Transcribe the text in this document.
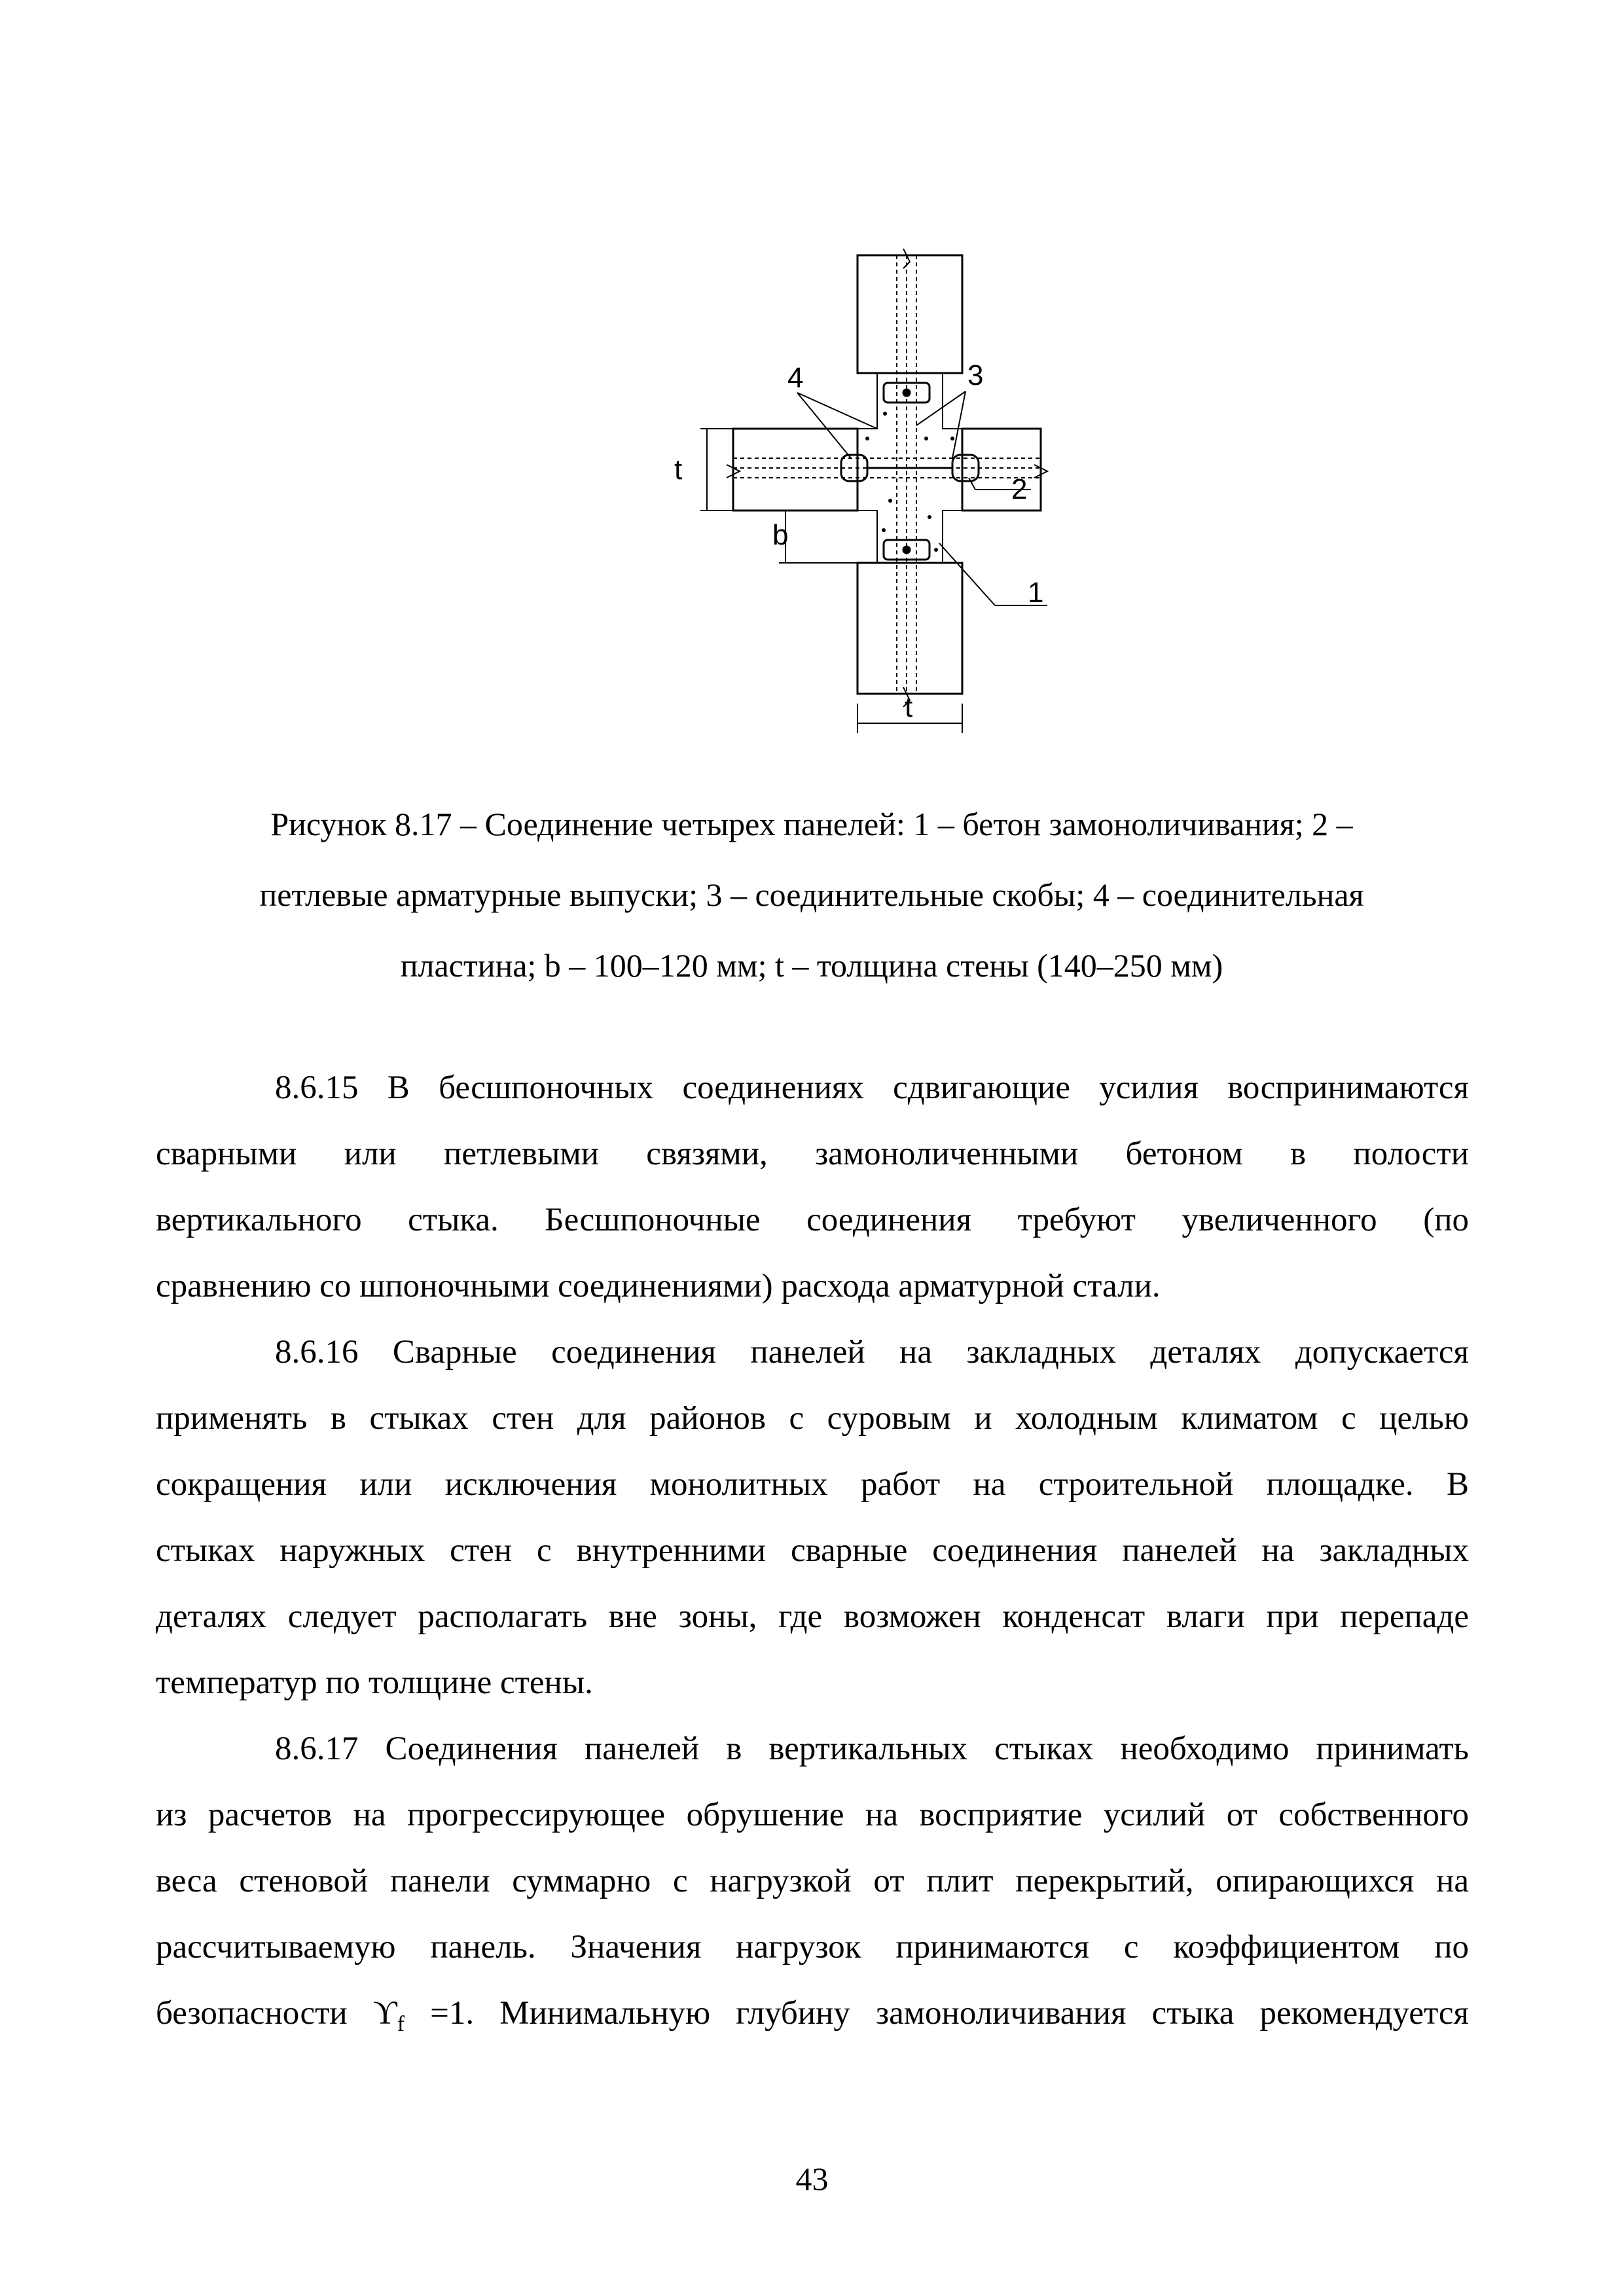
4	3
2
1
t
b
t
Рисунок 8.17 – Соединение четырех панелей: 1 – бетон замоноличивания; 2 –
петлевые арматурные выпуски; 3 – соединительные скобы; 4 – соединительная
пластина; b – 100–120 мм; t – толщина стены (140–250 мм)
8.6.15 В бесшпоночных соединениях сдвигающие усилия воспринимаются
сварными или петлевыми связями, замоноличенными бетоном в полости
вертикального стыка. Бесшпоночные соединения требуют увеличенного (по
сравнению со шпоночными соединениями) расхода арматурной стали.
8.6.16 Сварные соединения панелей на закладных деталях допускается
применять в стыках стен для районов с суровым и холодным климатом с целью
сокращения или исключения монолитных работ на строительной площадке. В
стыках наружных стен с внутренними сварные соединения панелей на закладных
деталях следует располагать вне зоны, где возможен конденсат влаги при перепаде
температур по толщине стены.
8.6.17 Соединения панелей в вертикальных стыках необходимо принимать
из расчетов на прогрессирующее обрушение на восприятие усилий от собственного
веса стеновой панели суммарно с нагрузкой от плит перекрытий, опирающихся на
рассчитываемую панель. Значения нагрузок принимаются с коэффициентом по
безопасности $ϒ_f =1$. Минимальную глубину замоноличивания стыка рекомендуется
43
